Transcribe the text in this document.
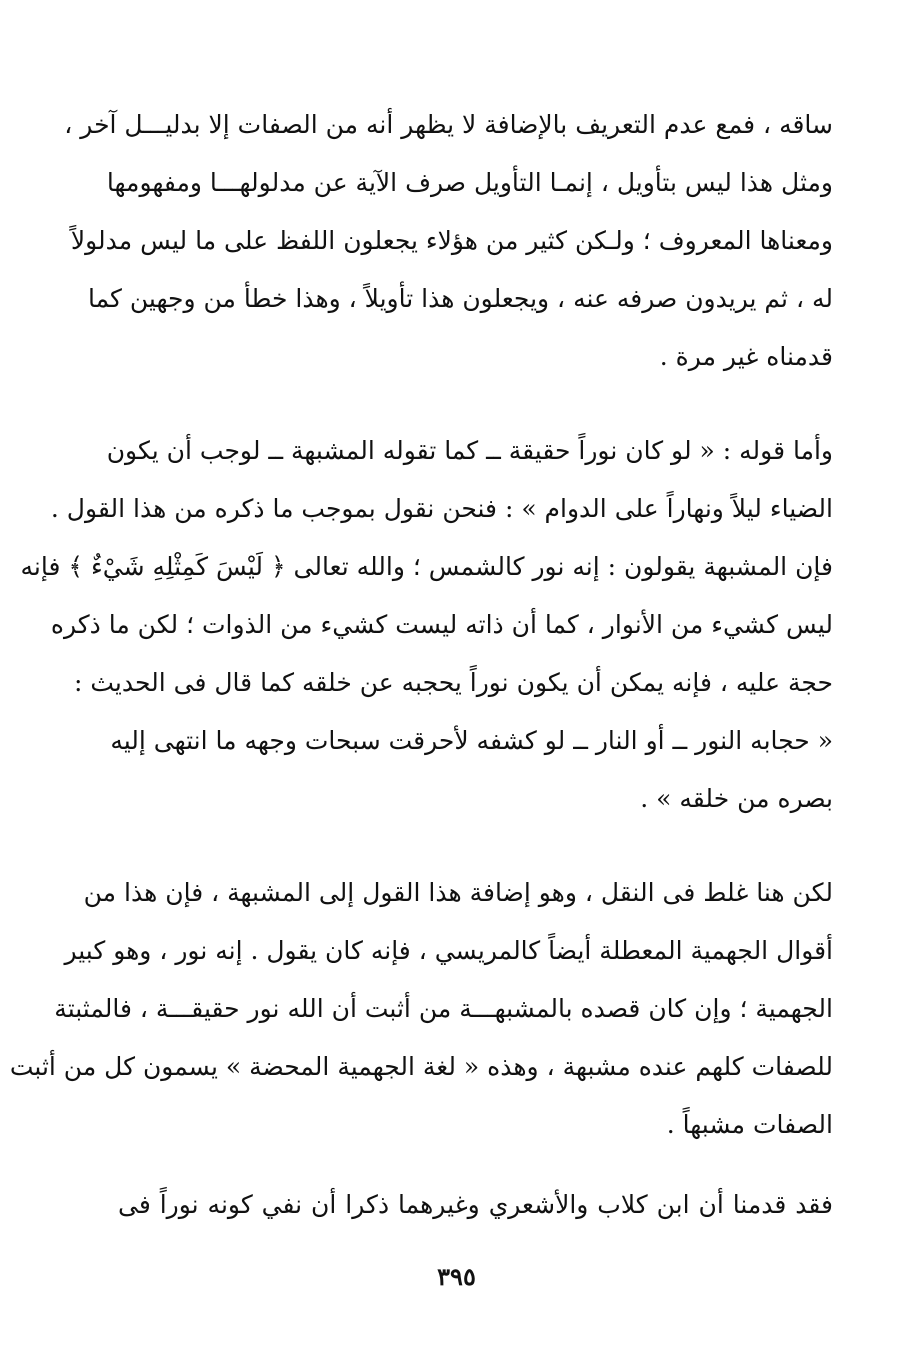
ساقه ، فمع عدم التعريف بالإضافة لا يظهر أنه من الصفات إلا بدليـــل آخر ،
ومثل هذا ليس بتأويل ، إنمـا التأويل صرف الآية عن مدلولهـــا ومفهومها
ومعناها المعروف ؛ ولـكن كثير من هؤلاء يجعلون اللفظ على ما ليس مدلولاً
له ، ثم يريدون صرفه عنه ، ويجعلون هذا تأويلاً ، وهذا خطأ من وجهين كما
قدمناه غير مرة .
وأما قوله : « لو كان نوراً حقيقة ــ كما تقوله المشبهة ــ لوجب أن يكون
الضياء ليلاً ونهاراً على الدوام » : فنحن نقول بموجب ما ذكره من هذا القول .
فإن المشبهة يقولون : إنه نور كالشمس ؛ والله تعالى ﴿ لَيْسَ كَمِثْلِهِ شَيْءٌ ﴾ فإنه
ليس كشيء من الأنوار ، كما أن ذاته ليست كشيء من الذوات ؛ لكن ما ذكره
حجة عليه ، فإنه يمكن أن يكون نوراً يحجبه عن خلقه كما قال فى الحديث :
« حجابه النور ــ أو النار ــ لو كشفه لأحرقت سبحات وجهه ما انتهى إليه
بصره من خلقه » .
لكن هنا غلط فى النقل ، وهو إضافة هذا القول إلى المشبهة ، فإن هذا من
أقوال الجهمية المعطلة أيضاً كالمريسي ، فإنه كان يقول . إنه نور ، وهو كبير
الجهمية ؛ وإن كان قصده بالمشبهـــة من أثبت أن الله نور حقيقـــة ، فالمثبتة
للصفات كلهم عنده مشبهة ، وهذه « لغة الجهمية المحضة » يسمون كل من أثبت
الصفات مشبهاً .
فقد قدمنا أن ابن كلاب والأشعري وغيرهما ذكرا أن نفي كونه نوراً فى
٣٩٥
